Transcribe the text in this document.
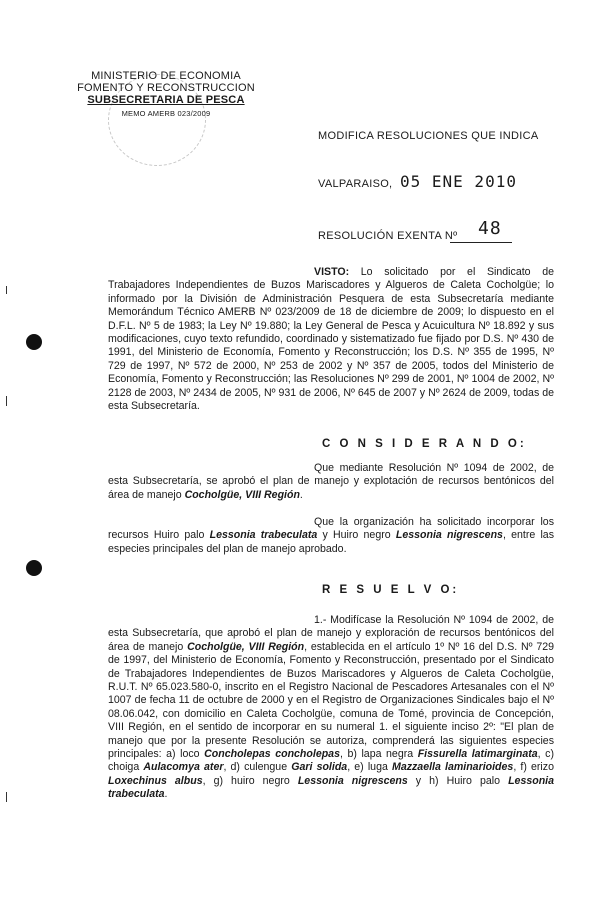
MINISTERIO DE ECONOMIA
FOMENTO Y RECONSTRUCCION
SUBSECRETARIA DE PESCA
MEMO AMERB 023/2009
MODIFICA RESOLUCIONES QUE INDICA
VALPARAISO, 05 ENE 2010
RESOLUCIÓN EXENTA Nº 48
VISTO: Lo solicitado por el Sindicato de Trabajadores Independientes de Buzos Mariscadores y Algueros de Caleta Cocholgüe; lo informado por la División de Administración Pesquera de esta Subsecretaría mediante Memorándum Técnico AMERB Nº 023/2009 de 18 de diciembre de 2009; lo dispuesto en el D.F.L. Nº 5 de 1983; la Ley Nº 19.880; la Ley General de Pesca y Acuicultura Nº 18.892 y sus modificaciones, cuyo texto refundido, coordinado y sistematizado fue fijado por D.S. Nº 430 de 1991, del Ministerio de Economía, Fomento y Reconstrucción; los D.S. Nº 355 de 1995, Nº 729 de 1997, Nº 572 de 2000, Nº 253 de 2002 y Nº 357 de 2005, todos del Ministerio de Economía, Fomento y Reconstrucción; las Resoluciones Nº 299 de 2001, Nº 1004 de 2002, Nº 2128 de 2003, Nº 2434 de 2005, Nº 931 de 2006, Nº 645 de 2007 y Nº 2624 de 2009, todas de esta Subsecretaría.
C O N S I D E R A N D O:
Que mediante Resolución Nº 1094 de 2002, de esta Subsecretaría, se aprobó el plan de manejo y explotación de recursos bentónicos del área de manejo Cocholgüe, VIII Región.
Que la organización ha solicitado incorporar los recursos Huiro palo Lessonia trabeculata y Huiro negro Lessonia nigrescens, entre las especies principales del plan de manejo aprobado.
R E S U E L V O:
1.- Modifícase la Resolución Nº 1094 de 2002, de esta Subsecretaría, que aprobó el plan de manejo y exploración de recursos bentónicos del área de manejo Cocholgüe, VIII Región, establecida en el artículo 1º Nº 16 del D.S. Nº 729 de 1997, del Ministerio de Economía, Fomento y Reconstrucción, presentado por el Sindicato de Trabajadores Independientes de Buzos Mariscadores y Algueros de Caleta Cocholgüe, R.U.T. Nº 65.023.580-0, inscrito en el Registro Nacional de Pescadores Artesanales con el Nº 1007 de fecha 11 de octubre de 2000 y en el Registro de Organizaciones Sindicales bajo el Nº 08.06.042, con domicilio en Caleta Cocholgüe, comuna de Tomé, provincia de Concepción, VIII Región, en el sentido de incorporar en su numeral 1. el siguiente inciso 2º: "El plan de manejo que por la presente Resolución se autoriza, comprenderá las siguientes especies principales: a) loco Concholepas concholepas, b) lapa negra Fissurella latimarginata, c) choiga Aulacomya ater, d) culengue Gari solida, e) luga Mazzaella laminarioides, f) erizo Loxechinus albus, g) huiro negro Lessonia nigrescens y h) Huiro palo Lessonia trabeculata.
